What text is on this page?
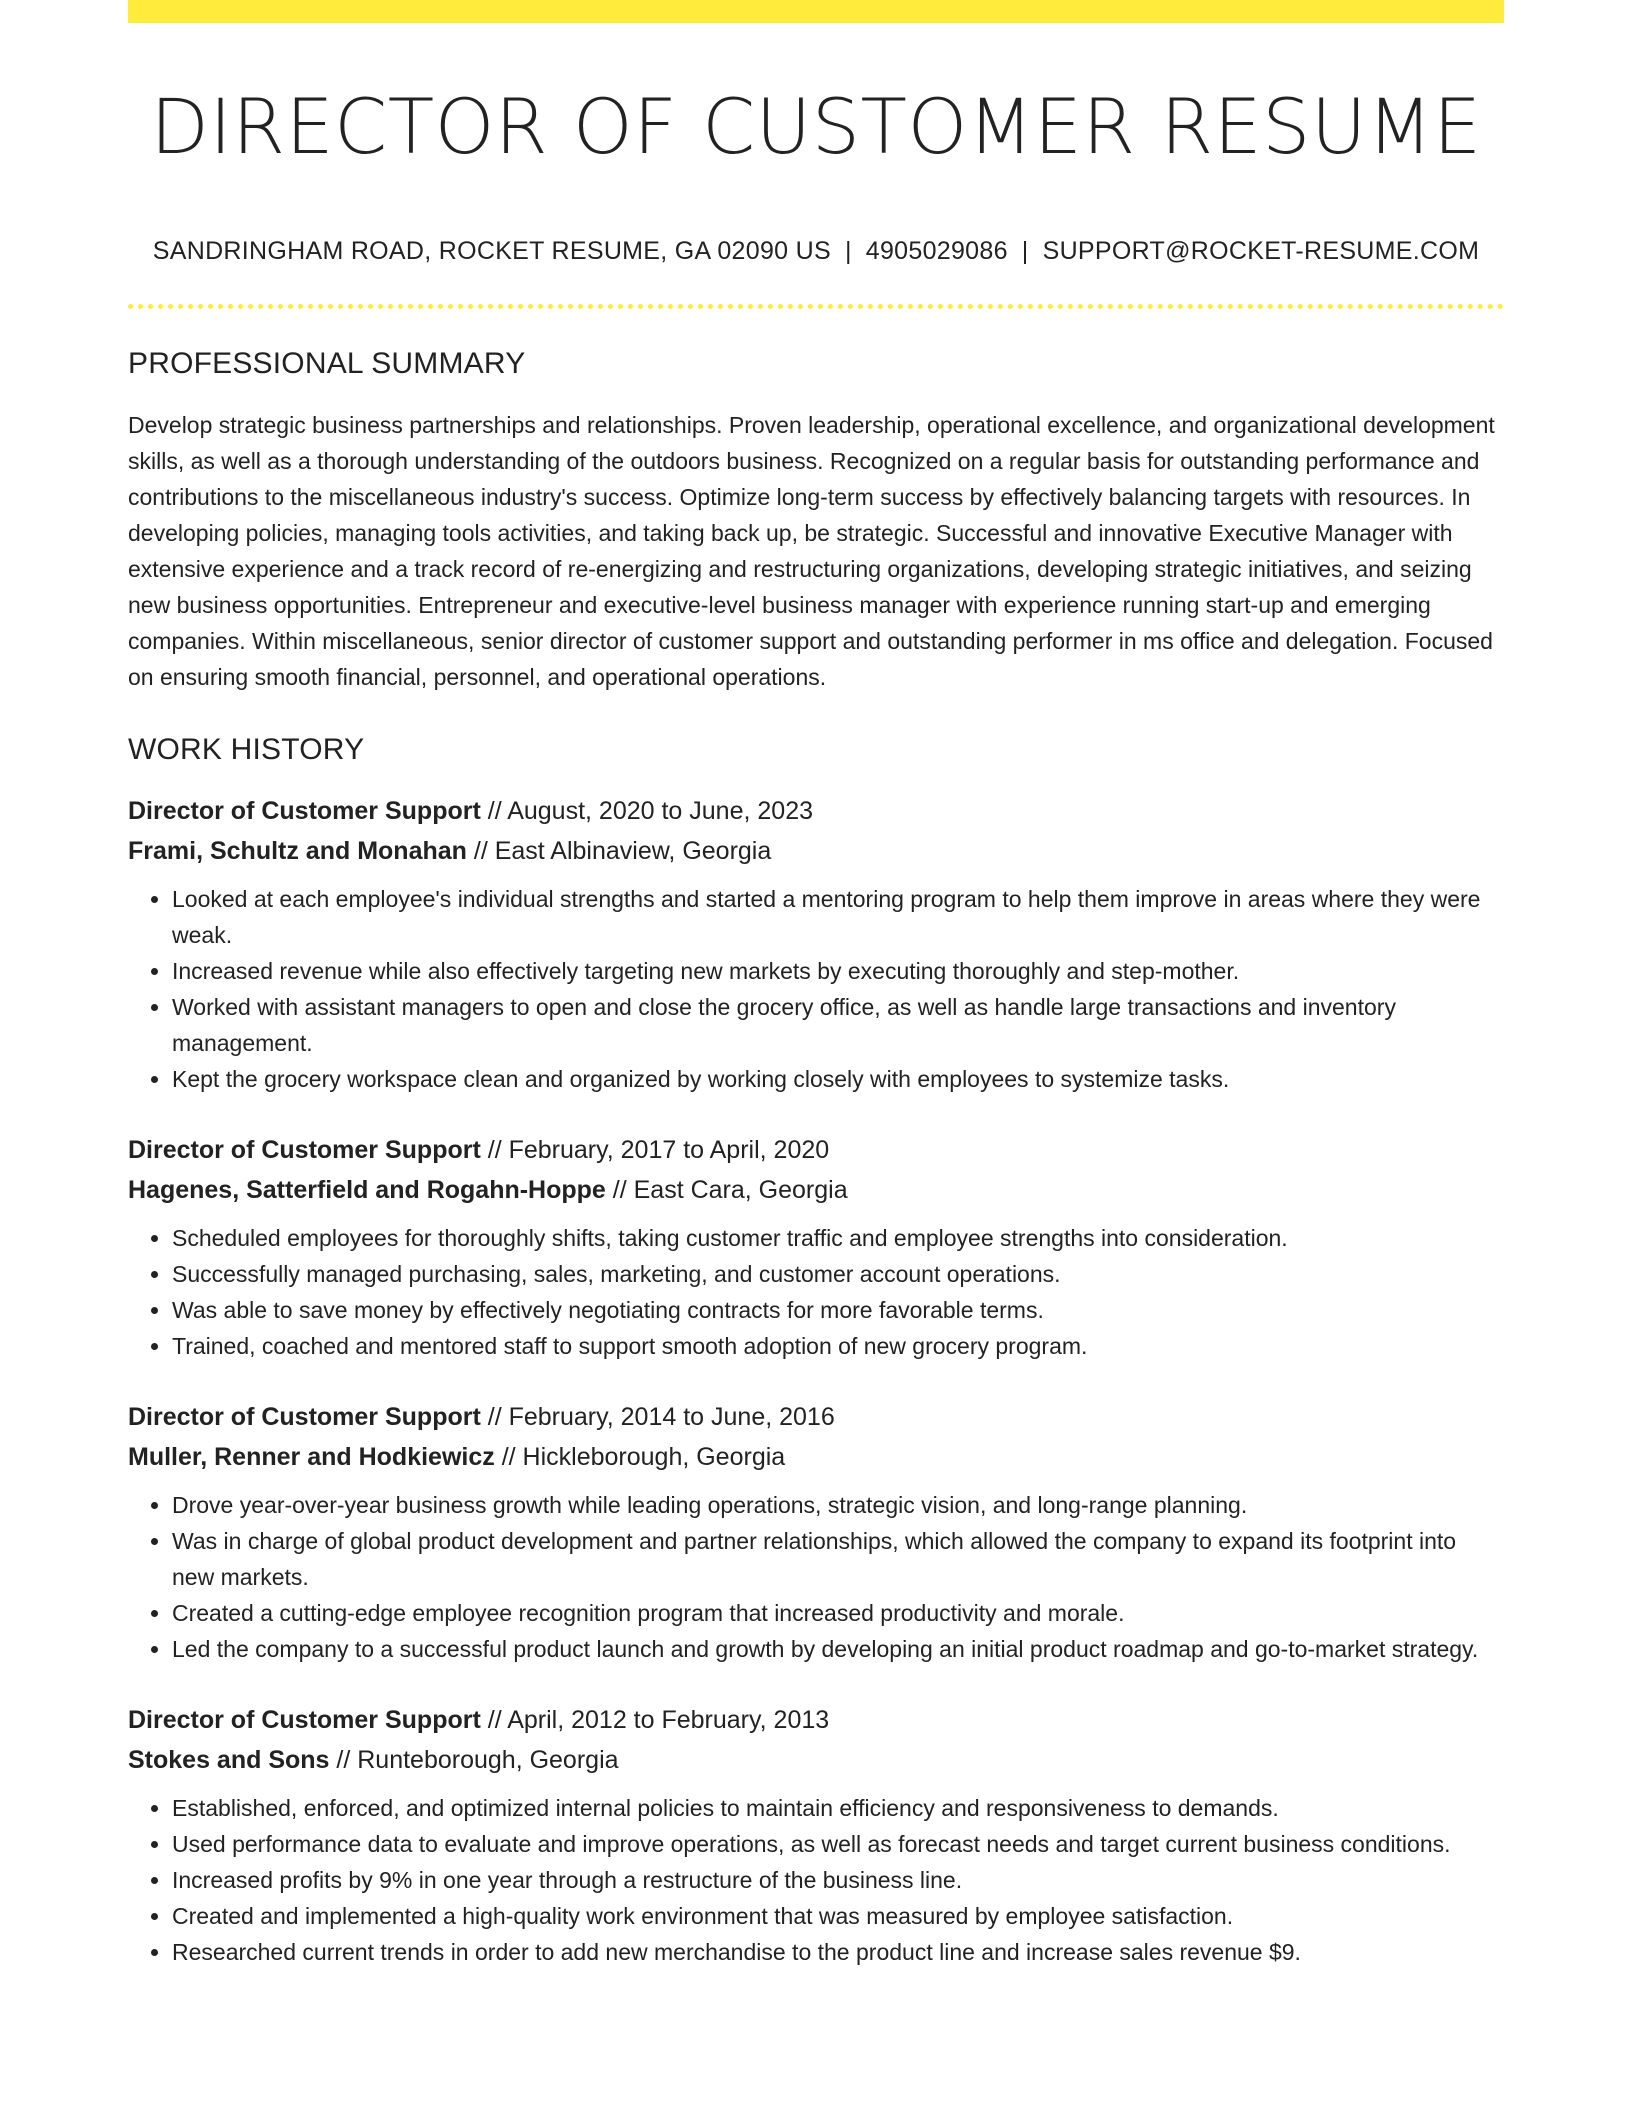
DIRECTOR OF CUSTOMER RESUME
SANDRINGHAM ROAD, ROCKET RESUME, GA 02090 US | 4905029086 | SUPPORT@ROCKET-RESUME.COM
PROFESSIONAL SUMMARY

Develop strategic business partnerships and relationships. Proven leadership, operational excellence, and organizational development skills, as well as a thorough understanding of the outdoors business. Recognized on a regular basis for outstanding performance and contributions to the miscellaneous industry's success. Optimize long-term success by effectively balancing targets with resources. In developing policies, managing tools activities, and taking back up, be strategic. Successful and innovative Executive Manager with extensive experience and a track record of re-energizing and restructuring organizations, developing strategic initiatives, and seizing new business opportunities. Entrepreneur and executive-level business manager with experience running start-up and emerging companies. Within miscellaneous, senior director of customer support and outstanding performer in ms office and delegation. Focused on ensuring smooth financial, personnel, and operational operations.

WORK HISTORY
Director of Customer Support // August, 2020 to June, 2023
Frami, Schultz and Monahan // East Albinaview, Georgia
• Looked at each employee's individual strengths and started a mentoring program to help them improve in areas where they were weak.
• Increased revenue while also effectively targeting new markets by executing thoroughly and step-mother.
• Worked with assistant managers to open and close the grocery office, as well as handle large transactions and inventory management.
• Kept the grocery workspace clean and organized by working closely with employees to systemize tasks.
Director of Customer Support // February, 2017 to April, 2020
Hagenes, Satterfield and Rogahn-Hoppe // East Cara, Georgia
• Scheduled employees for thoroughly shifts, taking customer traffic and employee strengths into consideration.
• Successfully managed purchasing, sales, marketing, and customer account operations.
• Was able to save money by effectively negotiating contracts for more favorable terms.
• Trained, coached and mentored staff to support smooth adoption of new grocery program.
Director of Customer Support // February, 2014 to June, 2016
Muller, Renner and Hodkiewicz // Hickleborough, Georgia
• Drove year-over-year business growth while leading operations, strategic vision, and long-range planning.
• Was in charge of global product development and partner relationships, which allowed the company to expand its footprint into new markets.
• Created a cutting-edge employee recognition program that increased productivity and morale.
• Led the company to a successful product launch and growth by developing an initial product roadmap and go-to-market strategy.
Director of Customer Support // April, 2012 to February, 2013
Stokes and Sons // Runteborough, Georgia
• Established, enforced, and optimized internal policies to maintain efficiency and responsiveness to demands.
• Used performance data to evaluate and improve operations, as well as forecast needs and target current business conditions.
• Increased profits by 9% in one year through a restructure of the business line.
• Created and implemented a high-quality work environment that was measured by employee satisfaction.
• Researched current trends in order to add new merchandise to the product line and increase sales revenue $9.
